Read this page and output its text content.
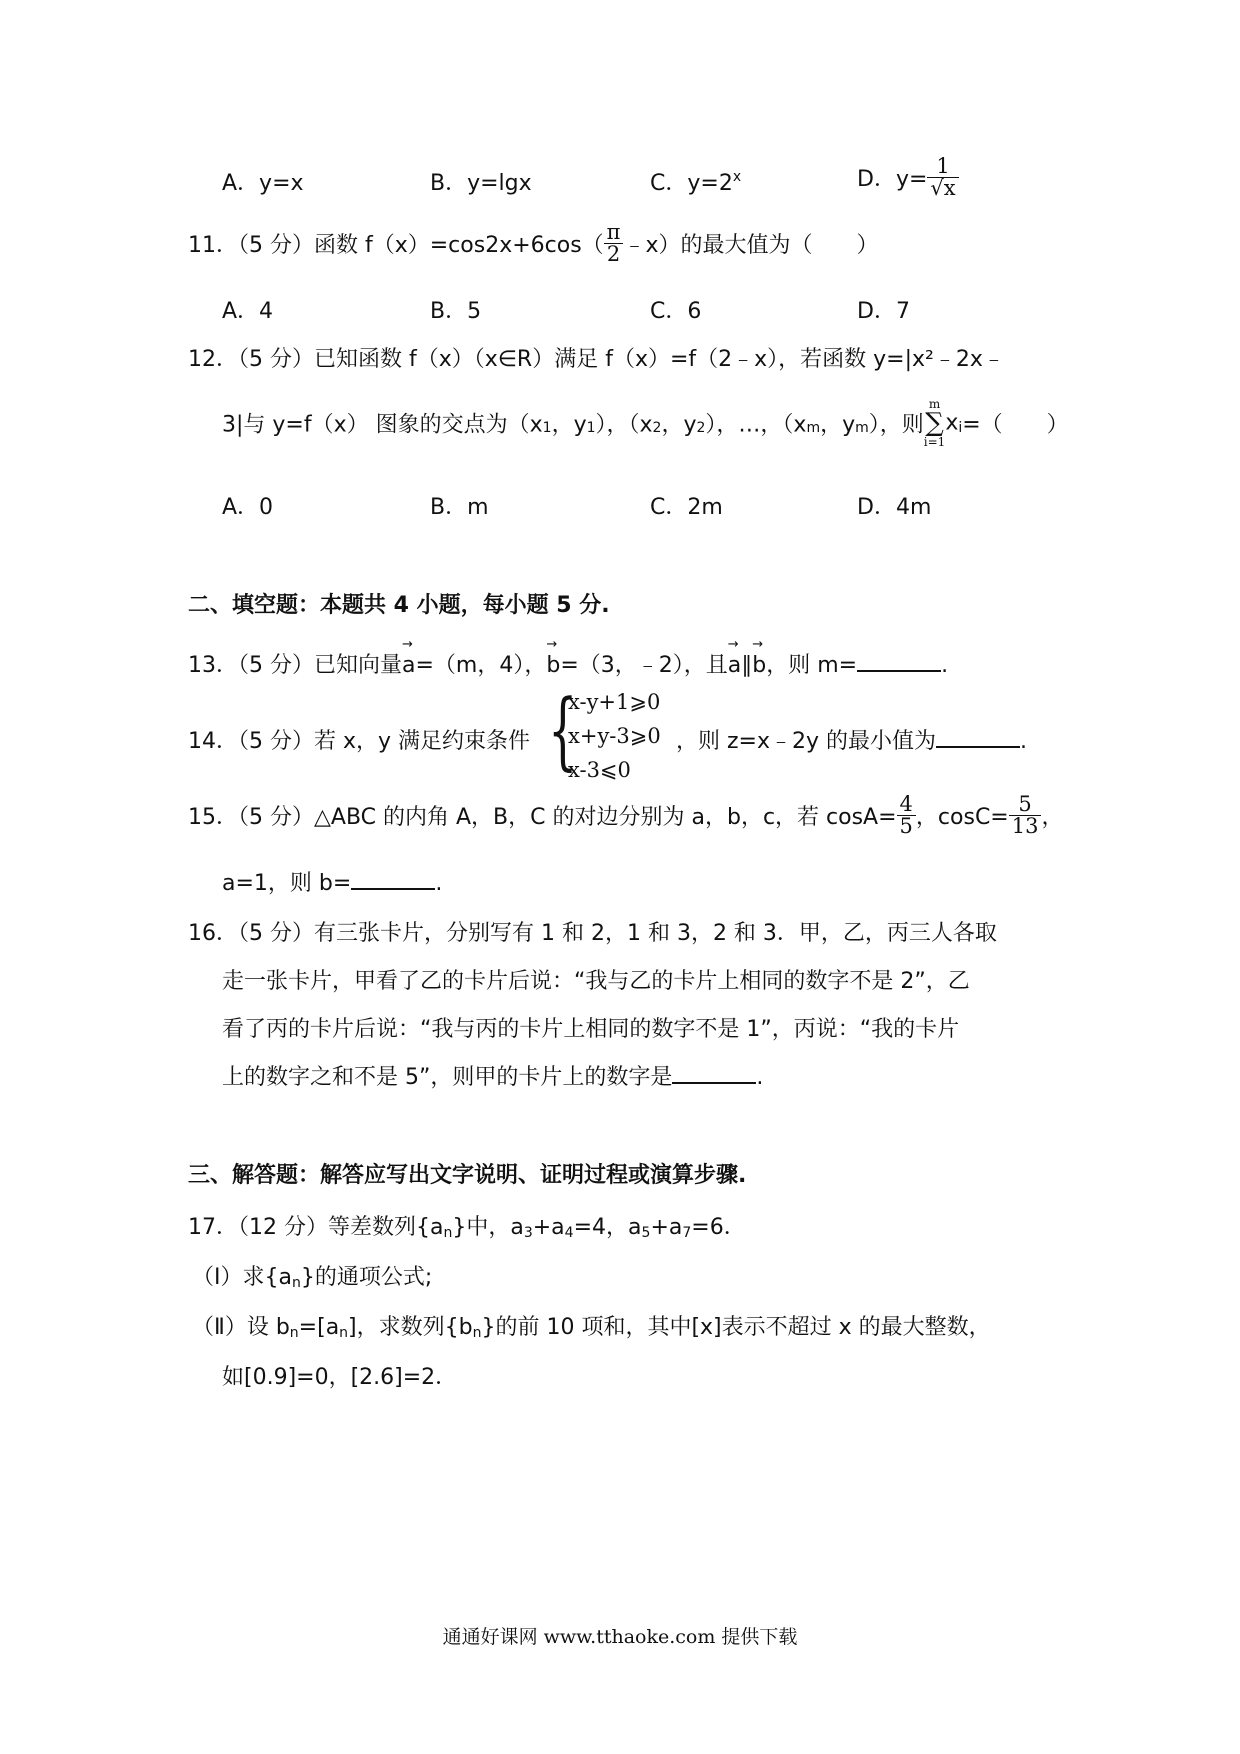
A．y=x	B．y=lgx	C．$y=2^x$	D．$y= \frac{1}{√x}$
11．（5 分）函数 $f(x)=\cos 2x+6\cos( \frac{\pi}{2}$ ﹣x）的最大值为（　　）
A．4	B．5	C．6	D．7
12．（5 分）已知函数 f（x）（x∈R）满足 f（x）=f（2﹣x），若函数 y=|x²﹣2x﹣
3|与 y=f（x） 图象的交点为（$x_1$，$y_1$），（$x_2$，$y_2$），…，（$x_m$，$y_m$），则
m
∑
i=1
$x_i=$（　　）
A．0	B．m	C．2m	D．4m
二、填空题：本题共 4 小题，每小题 5 分.
13．（5 分）已知向量→ a=（m，4），→ b=（3，﹣2），且→ a∥→ b，则 m=	.
14．（5 分）若 x，y 满足约束条件 {
x-y+1⩾0
x+y-3⩾0
x-3⩽0
，则 z=x﹣2y 的最小值为	.
15．（5 分）△ABC 的内角 A，B，C 的对边分别为 a，b，c，若 $\cos A= \frac{4}{5}$ ，$\cos C= \frac{5}{13}$ ，
a=1，则 b=	.
16．（5 分）有三张卡片，分别写有 1 和 2，1 和 3，2 和 3．甲，乙，丙三人各取
走一张卡片，甲看了乙的卡片后说：“我与乙的卡片上相同的数字不是 2”，乙
看了丙的卡片后说：“我与丙的卡片上相同的数字不是 1”，丙说：“我的卡片
上的数字之和不是 5”，则甲的卡片上的数字是	.
三、解答题：解答应写出文字说明、证明过程或演算步骤.
17．（12 分）等差数列$\{a_n\}$中，$a_3+a_4=4$，$a_5+a_7=6$．
（Ⅰ）求$\{a_n\}$的通项公式;
（Ⅱ）设 $b_n=[a_n]$，求数列$\{b_n\}$的前 10 项和，其中[x]表示不超过 x 的最大整数，
如[0.9]=0，[2.6]=2．
通通好课网 www.tthaoke.com 提供下载
